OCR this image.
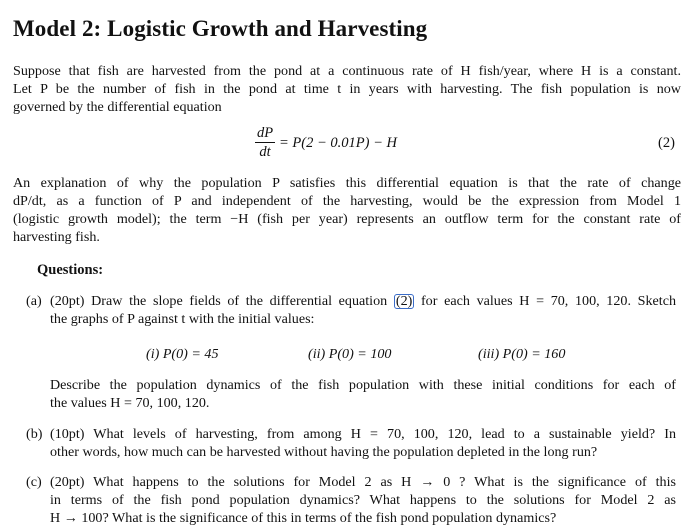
Model 2: Logistic Growth and Harvesting
Suppose that fish are harvested from the pond at a continuous rate of H fish/year, where H is a constant.
Let P be the number of fish in the pond at time t in years with harvesting. The fish population is now
governed by the differential equation
$\frac{dP}{dt} = P(2 - 0.01P) - H$	(2)
An explanation of why the population P satisfies this differential equation is that the rate of change
dP/dt, as a function of P and independent of the harvesting, would be the expression from Model 1
(logistic growth model); the term −H (fish per year) represents an outflow term for the constant rate of
harvesting fish.
Questions:
(a) (20pt) Draw the slope fields of the differential equation (2) for each values H = 70, 100, 120. Sketch
the graphs of P against t with the initial values:
(i) P(0) = 45	(ii) P(0) = 100	(iii) P(0) = 160
Describe the population dynamics of the fish population with these initial conditions for each of
the values H = 70, 100, 120.
(b) (10pt) What levels of harvesting, from among H = 70, 100, 120, lead to a sustainable yield? In
other words, how much can be harvested without having the population depleted in the long run?
(c) (20pt) What happens to the solutions for Model 2 as H → 0 ? What is the significance of this
in terms of the fish pond population dynamics? What happens to the solutions for Model 2 as
H → 100? What is the significance of this in terms of the fish pond population dynamics?
